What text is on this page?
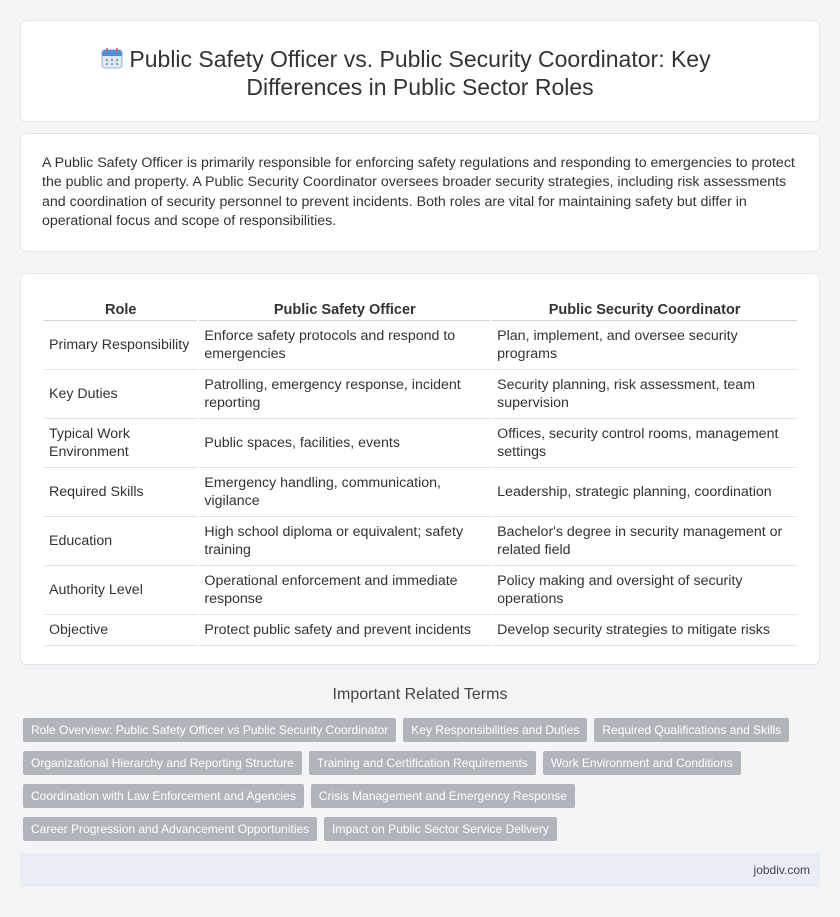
Public Safety Officer vs. Public Security Coordinator: Key
Differences in Public Sector Roles

A Public Safety Officer is primarily responsible for enforcing safety regulations and responding to emergencies to protect the public and property. A Public Security Coordinator oversees broader security strategies, including risk assessments and coordination of security personnel to prevent incidents. Both roles are vital for maintaining safety but differ in operational focus and scope of responsibilities.

Role	Public Safety Officer	Public Security Coordinator
Primary Responsibility	Enforce safety protocols and respond to emergencies	Plan, implement, and oversee security programs
Key Duties	Patrolling, emergency response, incident reporting	Security planning, risk assessment, team supervision
Typical Work Environment	Public spaces, facilities, events	Offices, security control rooms, management settings
Required Skills	Emergency handling, communication, vigilance	Leadership, strategic planning, coordination
Education	High school diploma or equivalent; safety training	Bachelor's degree in security management or related field
Authority Level	Operational enforcement and immediate response	Policy making and oversight of security operations
Objective	Protect public safety and prevent incidents	Develop security strategies to mitigate risks
Important Related Terms
Role Overview: Public Safety Officer vs Public Security Coordinator	Key Responsibilities and Duties	Required Qualifications and Skills
Organizational Hierarchy and Reporting Structure	Training and Certification Requirements	Work Environment and Conditions
Coordination with Law Enforcement and Agencies	Crisis Management and Emergency Response
Career Progression and Advancement Opportunities	Impact on Public Sector Service Delivery
jobdiv.com
